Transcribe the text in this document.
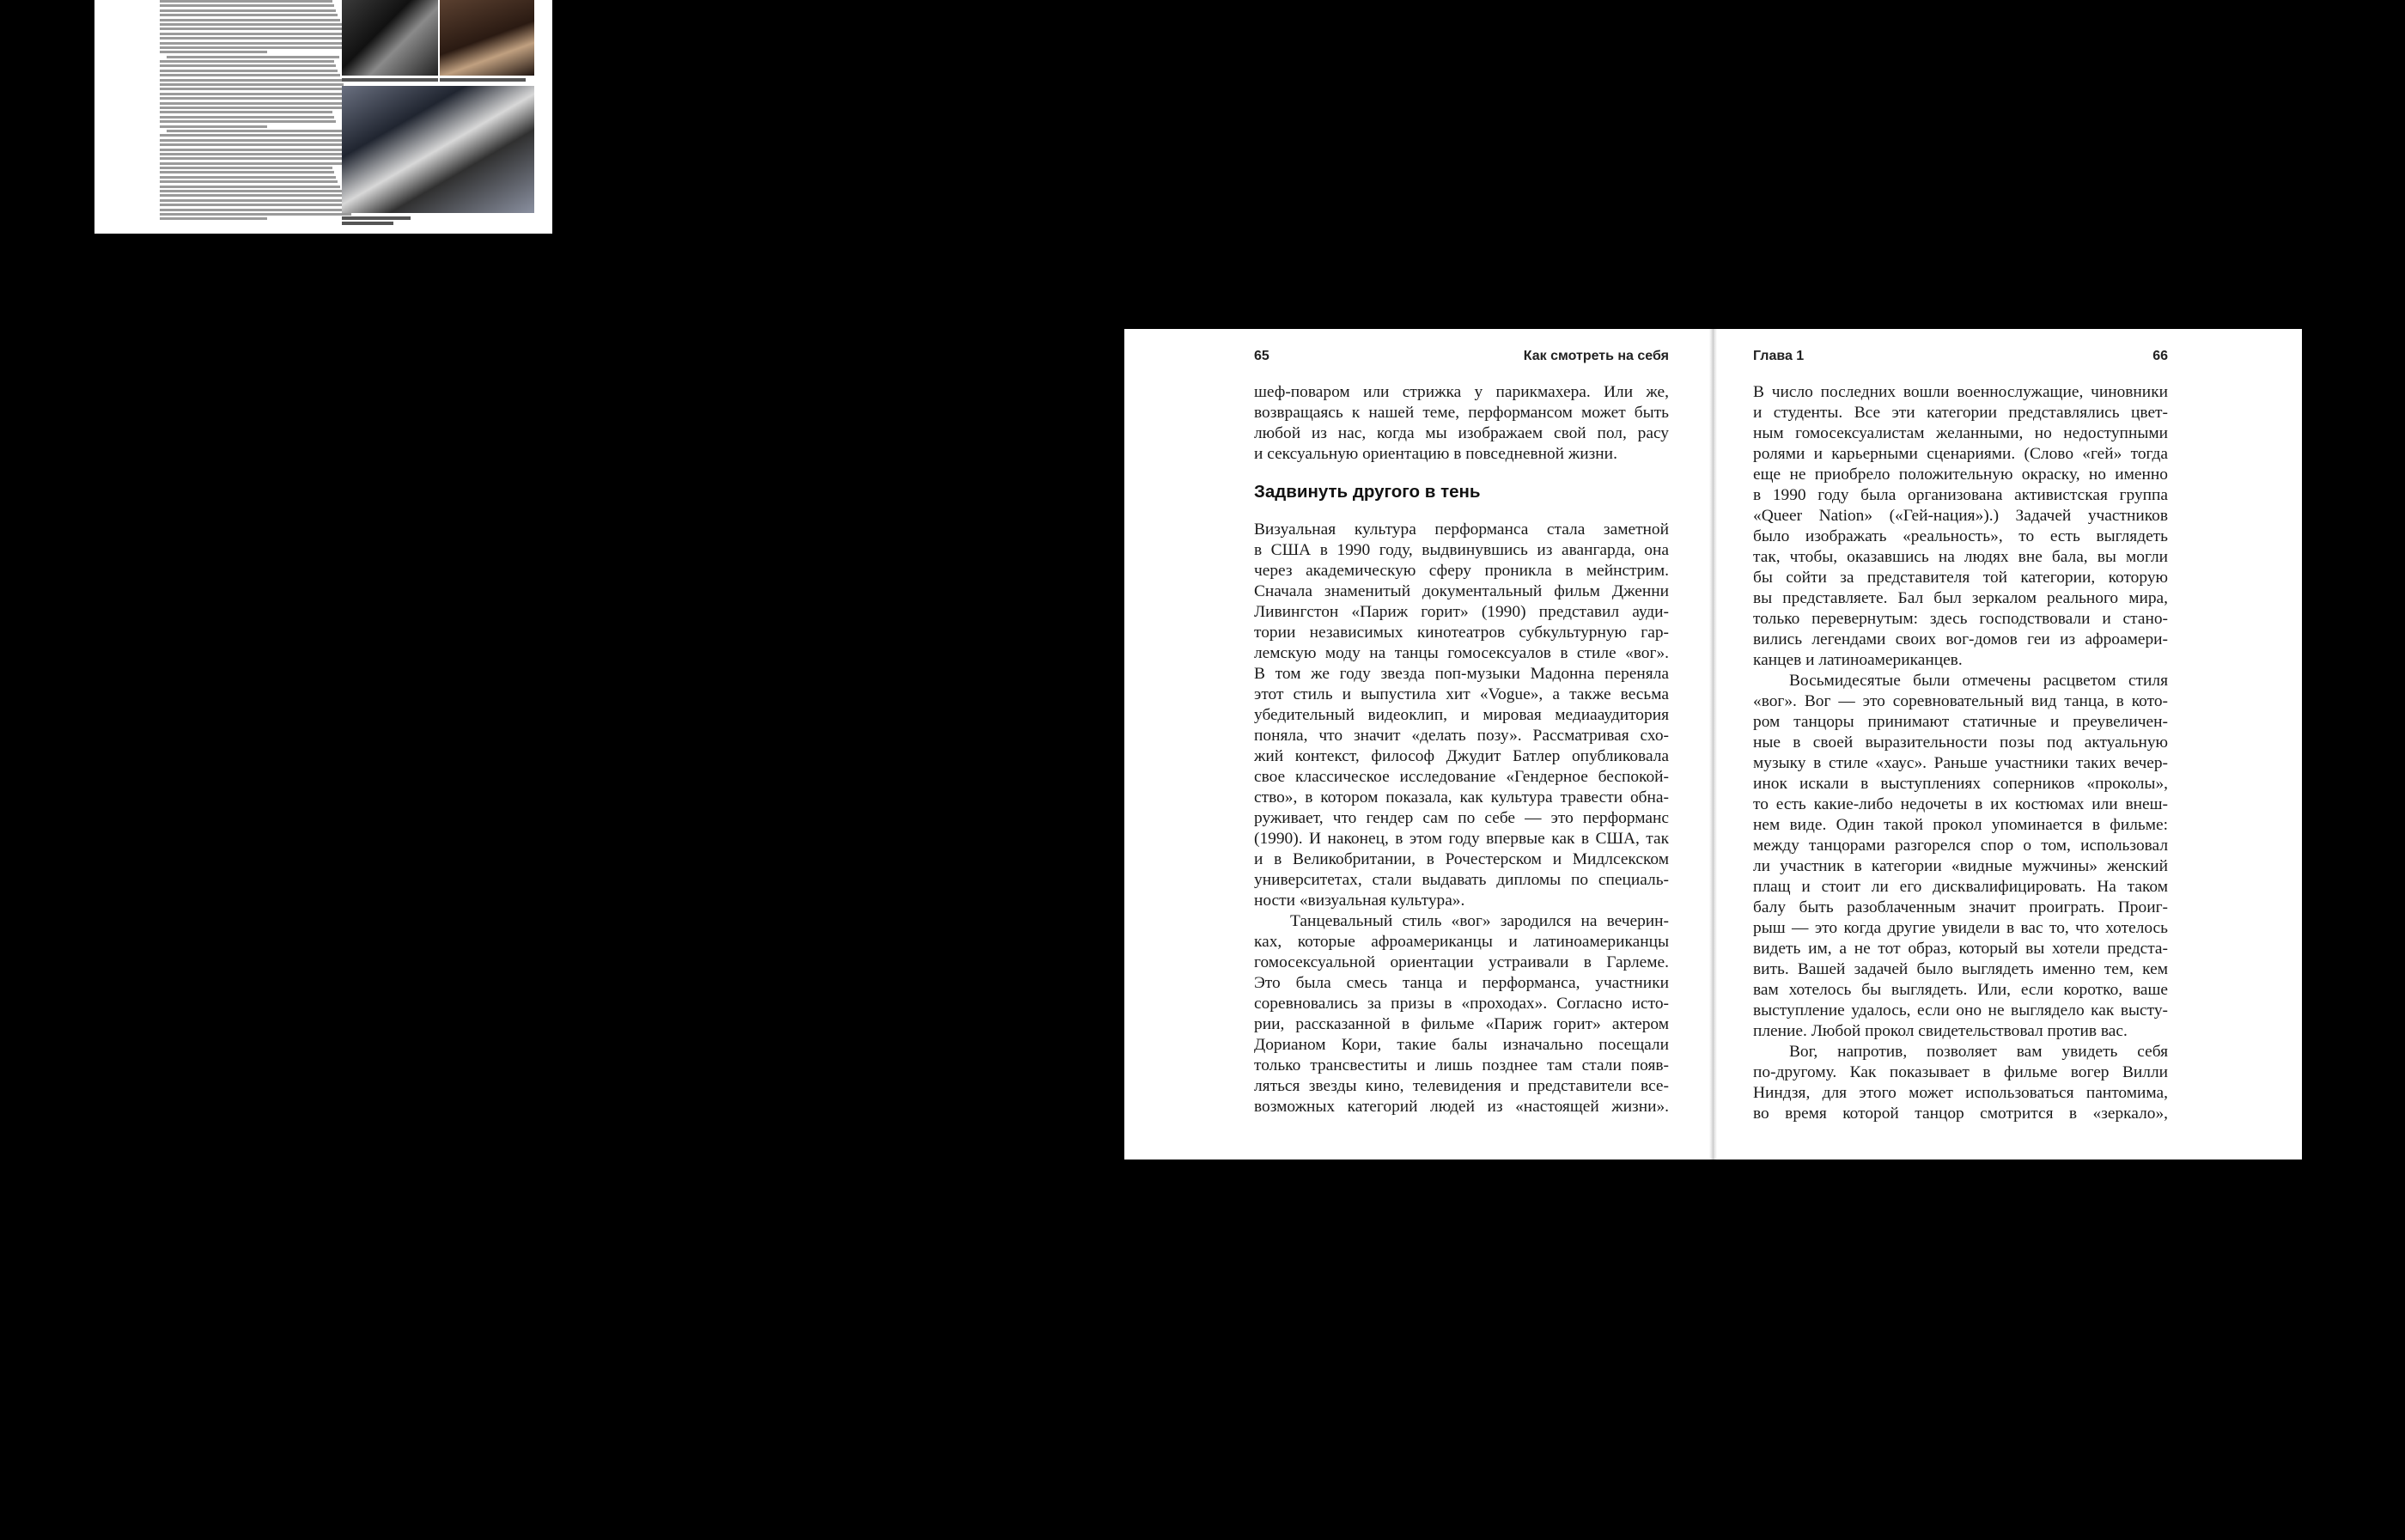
65	Как смотреть на себя
шеф-поваром или стрижка у парикмахера. Или же,
возвращаясь к нашей теме, перформансом может быть
любой из нас, когда мы изображаем свой пол, расу
и сексуальную ориентацию в повседневной жизни.
Задвинуть другого в тень
Визуальная культура перформанса стала заметной
в США в 1990 году, выдвинувшись из авангарда, она
через академическую сферу проникла в мейнстрим.
Сначала знаменитый документальный фильм Дженни
Ливингстон «Париж горит» (1990) представил ауди-
тории независимых кинотеатров субкультурную гар-
лемскую моду на танцы гомосексуалов в стиле «вог».
В том же году звезда поп-музыки Мадонна переняла
этот стиль и выпустила хит «Vogue», а также весьма
убедительный видеоклип, и мировая медиааудитория
поняла, что значит «делать позу». Рассматривая схо-
жий контекст, философ Джудит Батлер опубликовала
свое классическое исследование «Гендерное беспокой-
ство», в котором показала, как культура травести обна-
руживает, что гендер сам по себе — это перформанс
(1990). И наконец, в этом году впервые как в США, так
и в Великобритании, в Рочестерском и Мидлсекском
университетах, стали выдавать дипломы по специаль-
ности «визуальная культура».
Танцевальный стиль «вог» зародился на вечерин-
ках, которые афроамериканцы и латиноамериканцы
гомосексуальной ориентации устраивали в Гарлеме.
Это была смесь танца и перформанса, участники
соревновались за призы в «проходах». Согласно исто-
рии, рассказанной в фильме «Париж горит» актером
Дорианом Кори, такие балы изначально посещали
только трансвеститы и лишь позднее там стали появ-
ляться звезды кино, телевидения и представители все-
возможных категорий людей из «настоящей жизни».
Глава 1	66
В число последних вошли военнослужащие, чиновники
и студенты. Все эти категории представлялись цвет-
ным гомосексуалистам желанными, но недоступными
ролями и карьерными сценариями. (Слово «гей» тогда
еще не приобрело положительную окраску, но именно
в 1990 году была организована активистская группа
«Queer Nation» («Гей-нация»).) Задачей участников
было изображать «реальность», то есть выглядеть
так, чтобы, оказавшись на людях вне бала, вы могли
бы сойти за представителя той категории, которую
вы представляете. Бал был зеркалом реального мира,
только перевернутым: здесь господствовали и стано-
вились легендами своих вог-домов геи из афроамери-
канцев и латиноамериканцев.
Восьмидесятые были отмечены расцветом стиля
«вог». Вог — это соревновательный вид танца, в кото-
ром танцоры принимают статичные и преувеличен-
ные в своей выразительности позы под актуальную
музыку в стиле «хаус». Раньше участники таких вечер-
инок искали в выступлениях соперников «проколы»,
то есть какие-либо недочеты в их костюмах или внеш-
нем виде. Один такой прокол упоминается в фильме:
между танцорами разгорелся спор о том, использовал
ли участник в категории «видные мужчины» женский
плащ и стоит ли его дисквалифицировать. На таком
балу быть разоблаченным значит проиграть. Проиг-
рыш — это когда другие увидели в вас то, что хотелось
видеть им, а не тот образ, который вы хотели предста-
вить. Вашей задачей было выглядеть именно тем, кем
вам хотелось бы выглядеть. Или, если коротко, ваше
выступление удалось, если оно не выглядело как высту-
пление. Любой прокол свидетельствовал против вас.
Вог, напротив, позволяет вам увидеть себя
по-другому. Как показывает в фильме вогер Вилли
Ниндзя, для этого может использоваться пантомима,
во время которой танцор смотрится в «зеркало»,
